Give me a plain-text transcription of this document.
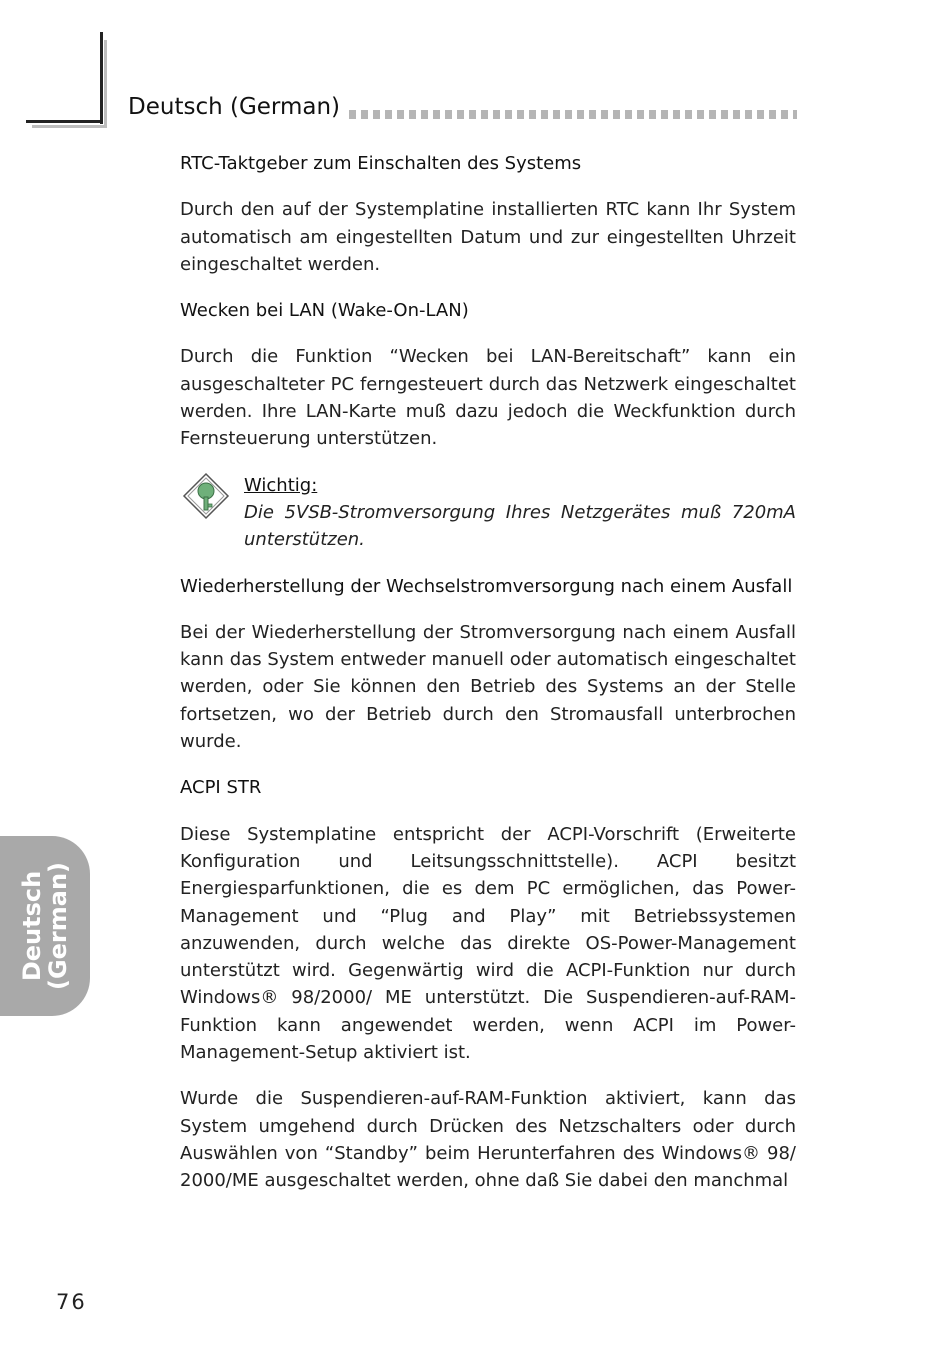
Deutsch (German)

RTC-Taktgeber zum Einschalten des Systems

Durch den auf der Systemplatine installierten RTC kann Ihr System automatisch am eingestellten Datum und zur eingestellten Uhrzeit eingeschaltet werden.

Wecken bei LAN (Wake-On-LAN)

Durch die Funktion “Wecken bei LAN-Bereitschaft” kann ein ausgeschalteter PC ferngesteuert durch das Netzwerk eingeschaltet werden. Ihre LAN-Karte muß dazu jedoch die Weckfunktion durch Fernsteuerung unterstützen.

Wichtig:

Die 5VSB-Stromversorgung Ihres Netzgerätes muß 720mA unterstützen.

Wiederherstellung der Wechselstromversorgung nach einem Ausfall

Bei der Wiederherstellung der Stromversorgung nach einem Ausfall kann das System entweder manuell oder automatisch eingeschaltet werden, oder Sie können den Betrieb des Systems an der Stelle fortsetzen, wo der Betrieb durch den Stromausfall unterbrochen wurde.

ACPI STR

Diese Systemplatine entspricht der ACPI-Vorschrift (Erweiterte Konfiguration und Leitsungsschnittstelle). ACPI besitzt Energiesparfunktionen, die es dem PC ermöglichen, das Power-Management und “Plug and Play” mit Betriebssystemen anzuwenden, durch welche das direkte OS-Power-Management unterstützt wird. Gegenwärtig wird die ACPI-Funktion nur durch Windows® 98/2000/ ME unterstützt. Die Suspendieren-auf-RAM-Funktion kann angewendet werden, wenn ACPI im Power-Management-Setup aktiviert ist.

Wurde die Suspendieren-auf-RAM-Funktion aktiviert, kann das System umgehend durch Drücken des Netzschalters oder durch Auswählen von “Standby” beim Herunterfahren des Windows® 98/ 2000/ME ausgeschaltet werden, ohne daß Sie dabei den manchmal

Deutsch
(German)
76
